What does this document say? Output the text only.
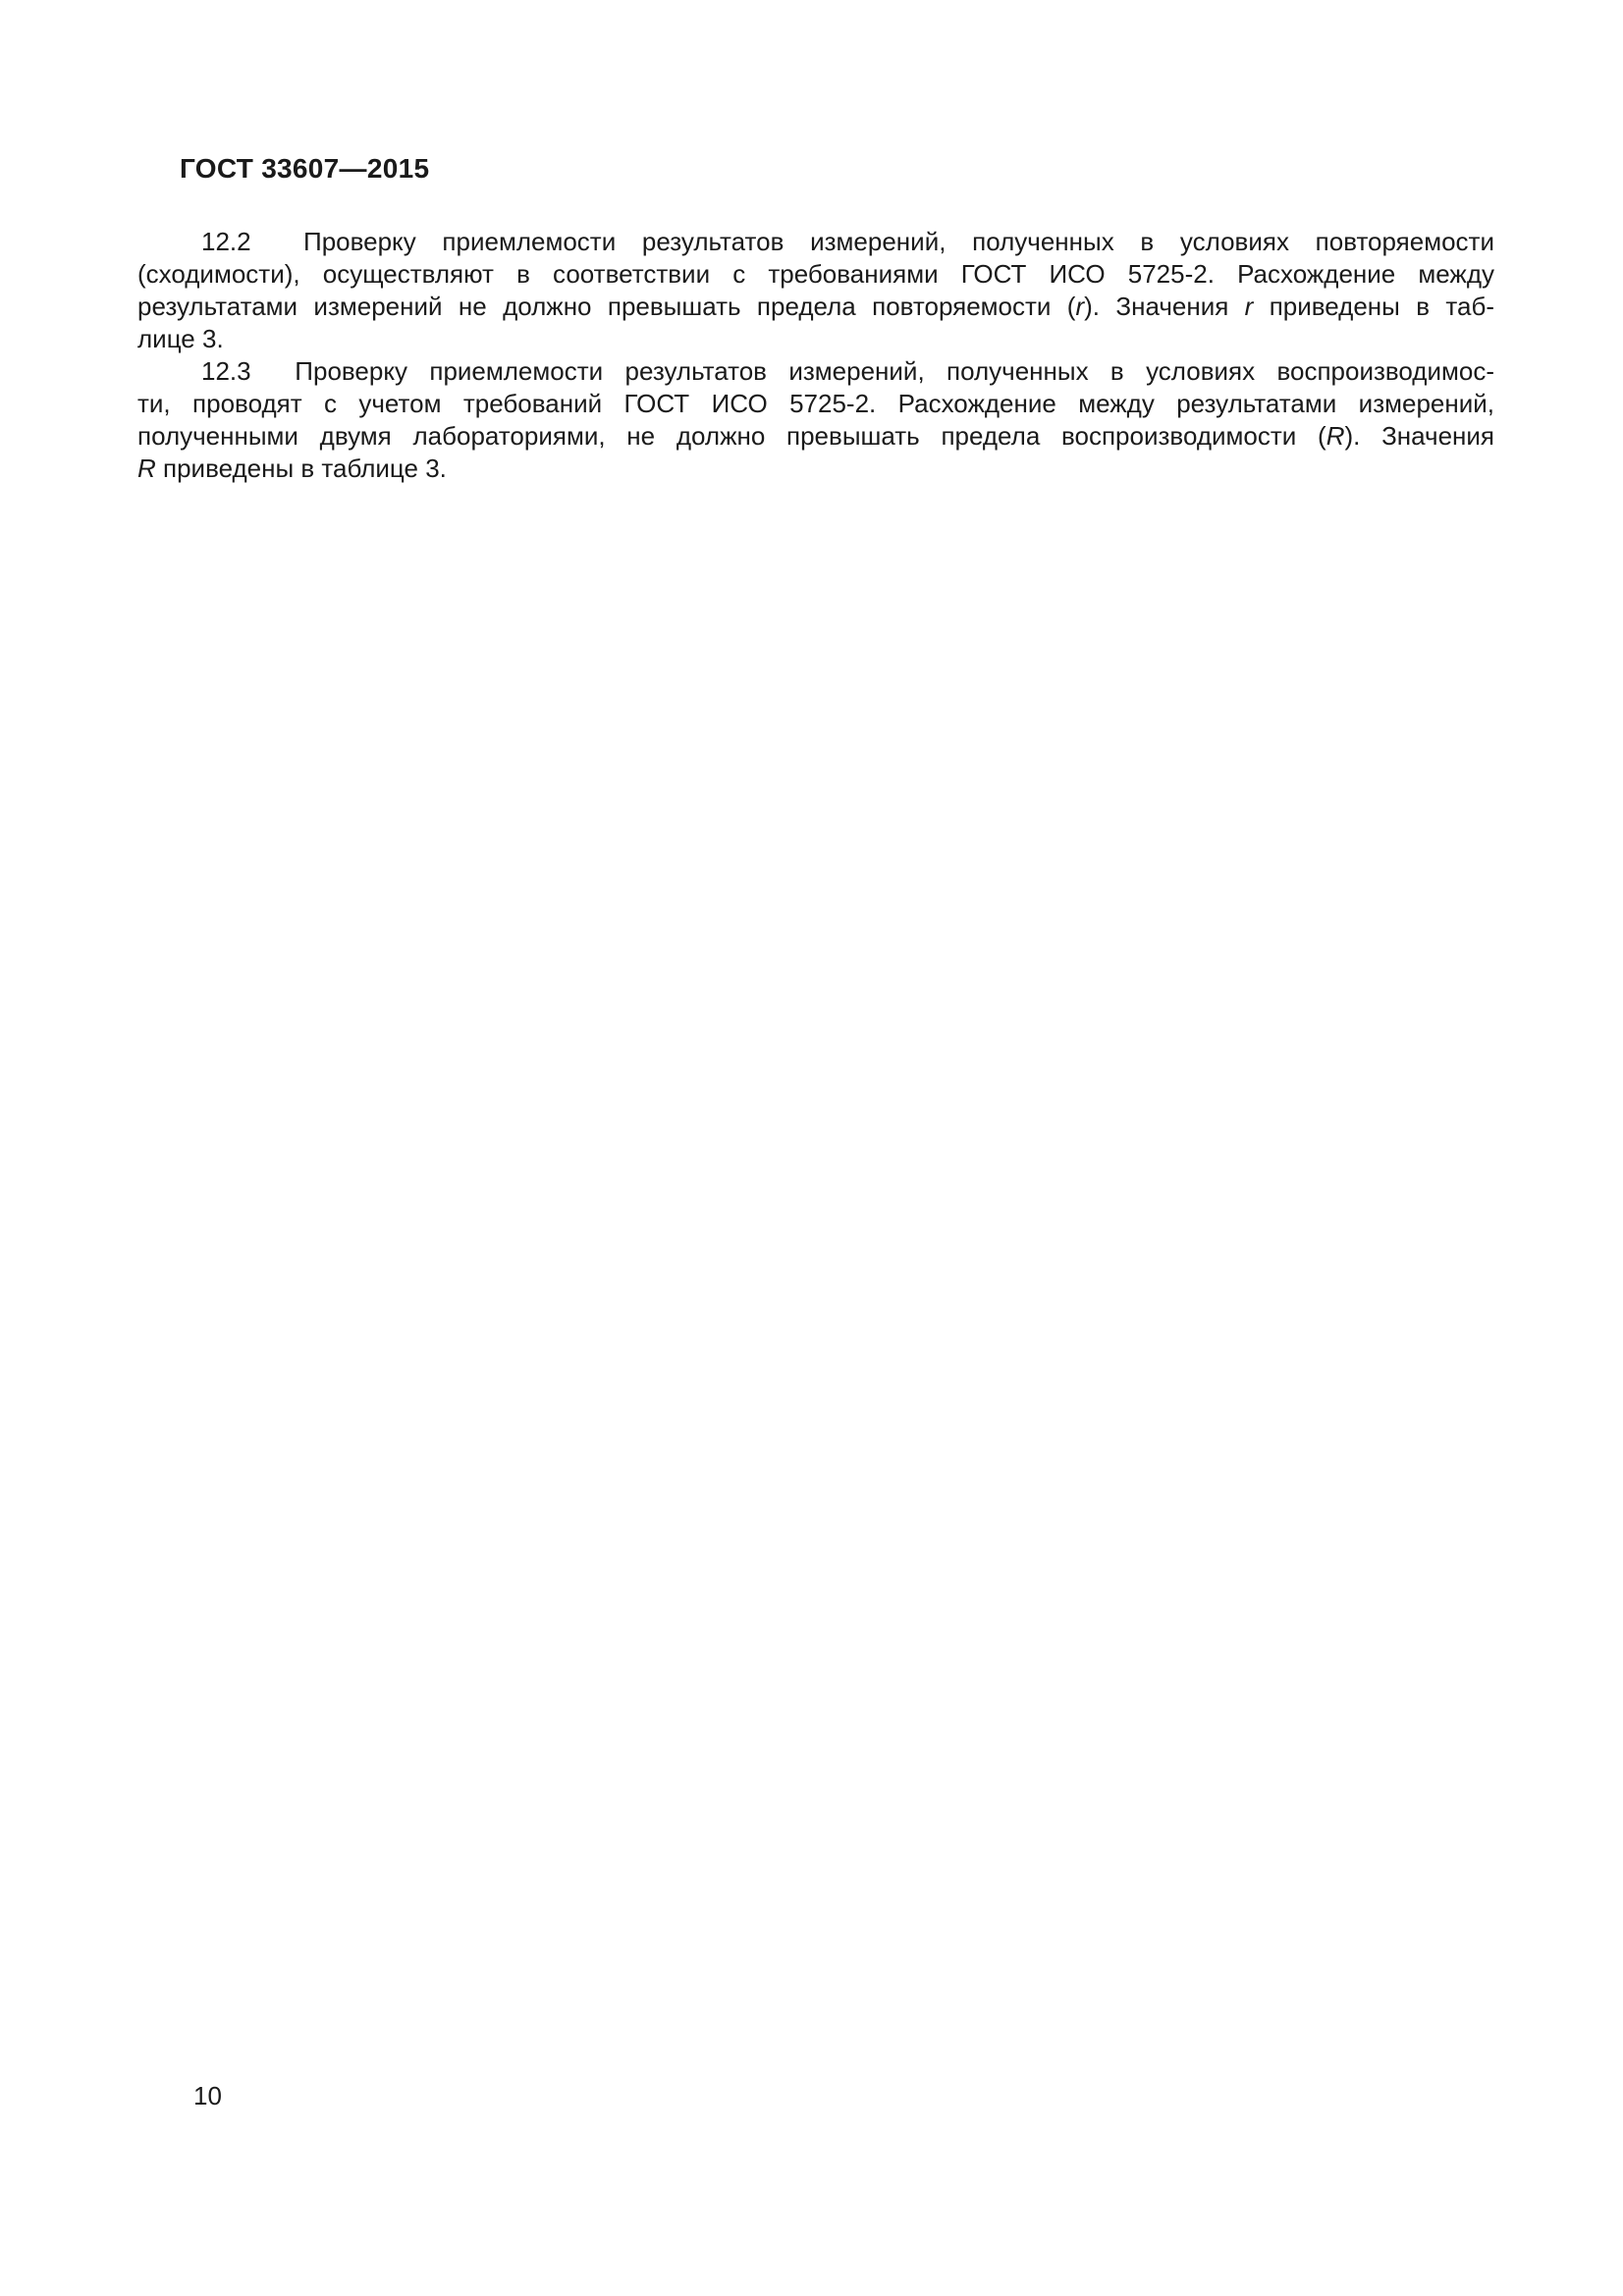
ГОСТ 33607—2015
12.2  Проверку приемлемости результатов измерений, полученных в условиях повторяемости
(сходимости), осуществляют в соответствии с требованиями ГОСТ ИСО 5725-2. Расхождение между
результатами измерений не должно превышать предела повторяемости (r). Значения r приведены в таб-
лице 3.
12.3  Проверку приемлемости результатов измерений, полученных в условиях воспроизводимос-
ти, проводят с учетом требований ГОСТ ИСО 5725-2. Расхождение между результатами измерений,
полученными двумя лабораториями, не должно превышать предела воспроизводимости (R). Значения
R приведены в таблице 3.
10
